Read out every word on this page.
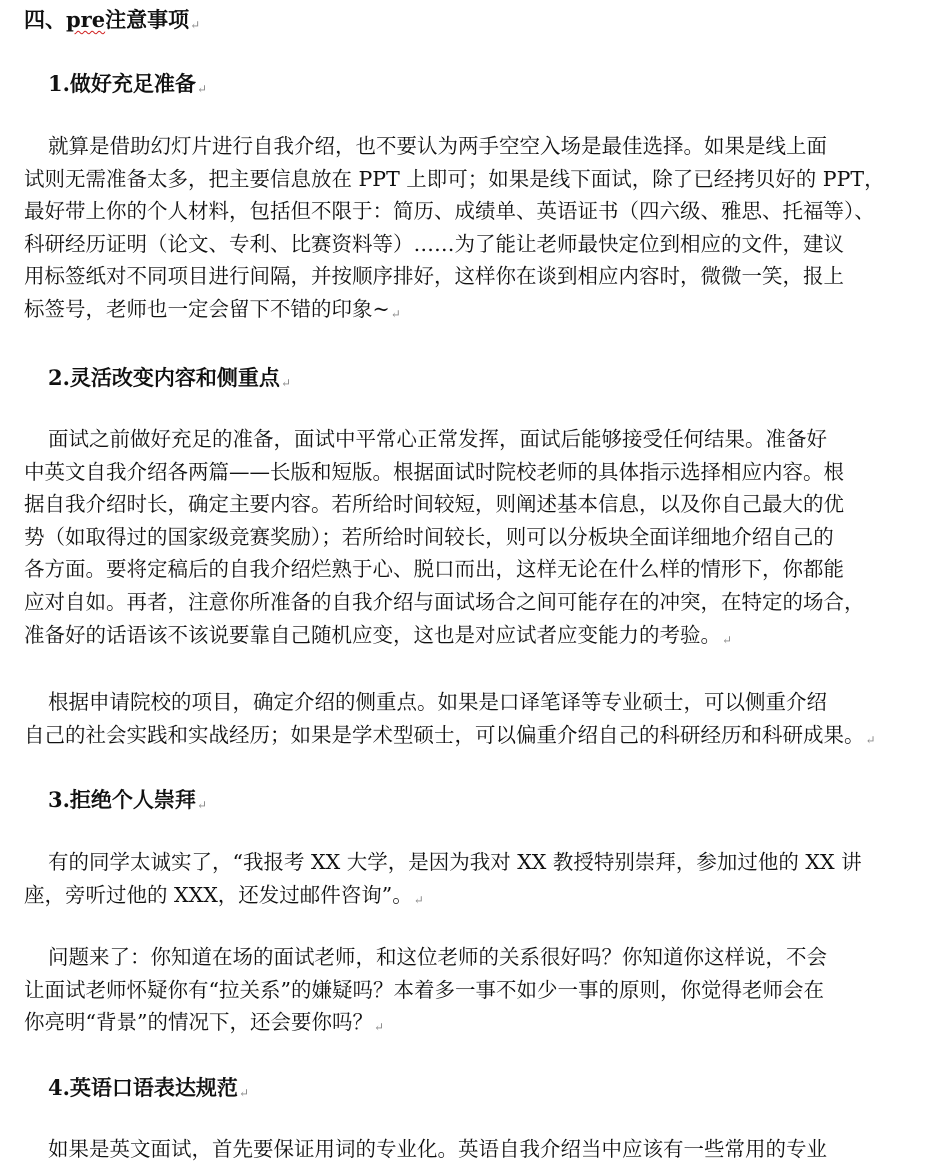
四、pre注意事项↵
1.做好充足准备↵
就算是借助幻灯片进行自我介绍，也不要认为两手空空入场是最佳选择。如果是线上面
试则无需准备太多，把主要信息放在 PPT 上即可；如果是线下面试，除了已经拷贝好的 PPT，
最好带上你的个人材料，包括但不限于：简历、成绩单、英语证书（四六级、雅思、托福等）、
科研经历证明（论文、专利、比赛资料等）……为了能让老师最快定位到相应的文件，建议
用标签纸对不同项目进行间隔，并按顺序排好，这样你在谈到相应内容时，微微一笑，报上
标签号，老师也一定会留下不错的印象~↵
2.灵活改变内容和侧重点↵
面试之前做好充足的准备，面试中平常心正常发挥，面试后能够接受任何结果。准备好
中英文自我介绍各两篇——长版和短版。根据面试时院校老师的具体指示选择相应内容。根
据自我介绍时长，确定主要内容。若所给时间较短，则阐述基本信息，以及你自己最大的优
势（如取得过的国家级竞赛奖励）；若所给时间较长，则可以分板块全面详细地介绍自己的
各方面。要将定稿后的自我介绍烂熟于心、脱口而出，这样无论在什么样的情形下，你都能
应对自如。再者，注意你所准备的自我介绍与面试场合之间可能存在的冲突，在特定的场合，
准备好的话语该不该说要靠自己随机应变，这也是对应试者应变能力的考验。↵
根据申请院校的项目，确定介绍的侧重点。如果是口译笔译等专业硕士，可以侧重介绍
自己的社会实践和实战经历；如果是学术型硕士，可以偏重介绍自己的科研经历和科研成果。↵
3.拒绝个人崇拜↵
有的同学太诚实了，“我报考 XX 大学，是因为我对 XX 教授特别崇拜，参加过他的 XX 讲
座，旁听过他的 XXX，还发过邮件咨询”。↵
问题来了：你知道在场的面试老师，和这位老师的关系很好吗？你知道你这样说，不会
让面试老师怀疑你有“拉关系”的嫌疑吗？本着多一事不如少一事的原则，你觉得老师会在
你亮明“背景”的情况下，还会要你吗？↵
4.英语口语表达规范↵
如果是英文面试，首先要保证用词的专业化。英语自我介绍当中应该有一些常用的专业
